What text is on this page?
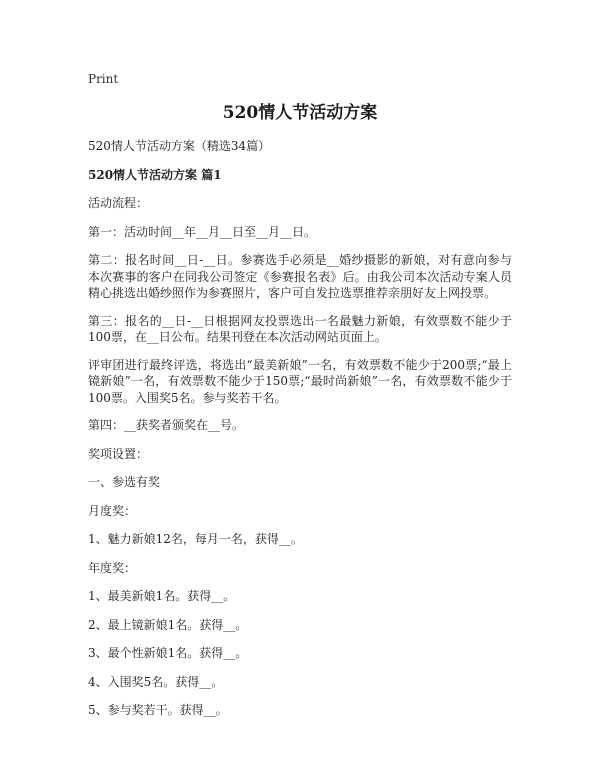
Print
520情人节活动方案
520情人节活动方案（精选34篇）
520情人节活动方案 篇1
活动流程：
第一：活动时间__年__月__日至__月__日。
第二：报名时间__日-__日。参赛选手必须是__婚纱摄影的新娘，对有意向参与本次赛事的客户在同我公司签定《参赛报名表》后。由我公司本次活动专案人员精心挑选出婚纱照作为参赛照片，客户可自发拉选票推荐亲朋好友上网投票。
第三：报名的__日-__日根据网友投票选出一名最魅力新娘，有效票数不能少于100票，在__日公布。结果刊登在本次活动网站页面上。
评审团进行最终评选，将选出“最美新娘”一名，有效票数不能少于200票;“最上镜新娘”一名，有效票数不能少于150票;“最时尚新娘”一名，有效票数不能少于100票。入围奖5名。参与奖若干名。
第四：__获奖者颁奖在__号。
奖项设置：
一、参选有奖
月度奖：
1、魅力新娘12名，每月一名，获得__。
年度奖：
1、最美新娘1名。获得__。
2、最上镜新娘1名。获得__。
3、最个性新娘1名。获得__。
4、入围奖5名。获得__。
5、参与奖若干。获得__。
